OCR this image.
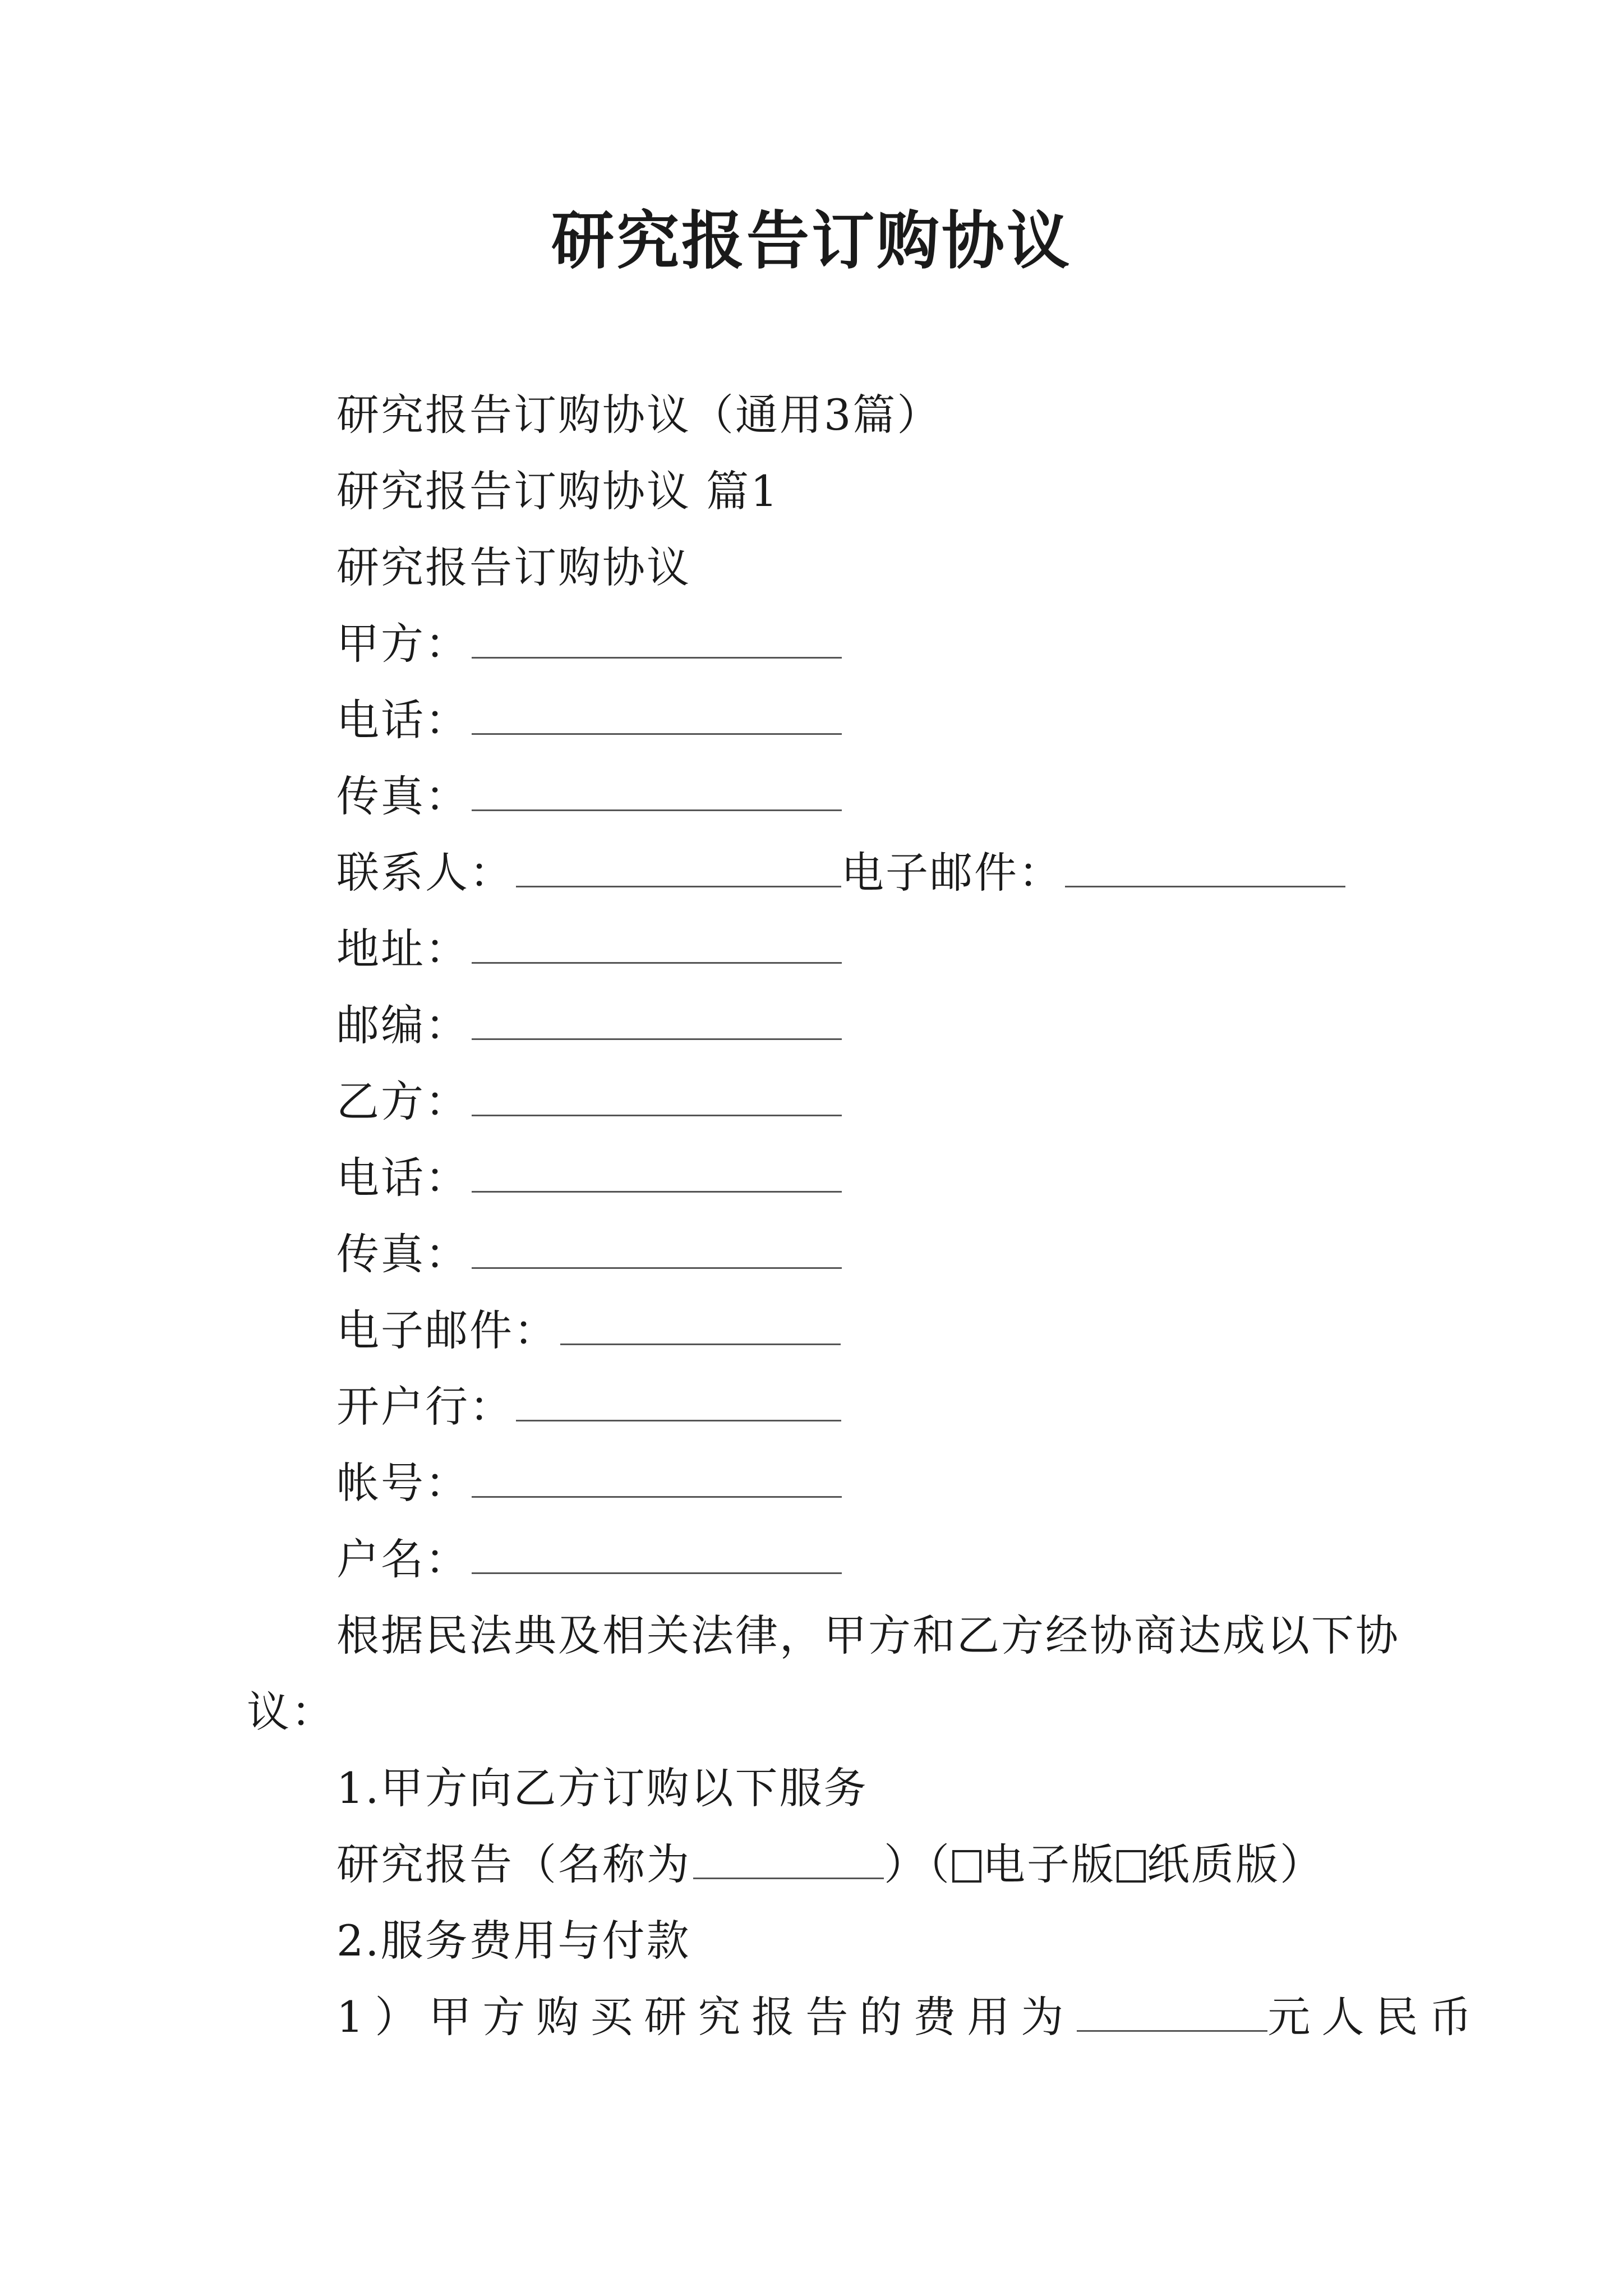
研究报告订购协议
研究报告订购协议（通用3篇）
研究报告订购协议 篇1
研究报告订购协议
甲方：
电话：
传真：
联系人：	电子邮件：
地址：
邮编：
乙方：
电话：
传真：
电子邮件：
开户行：
帐号：
户名：
根据民法典及相关法律，甲方和乙方经协商达成以下协
议：
1.甲方向乙方订购以下服务
研究报告（名称为	）（ 电子版 纸质版）
2.服务费用与付款
1）甲方购买研究报告的费用为	元人民币
